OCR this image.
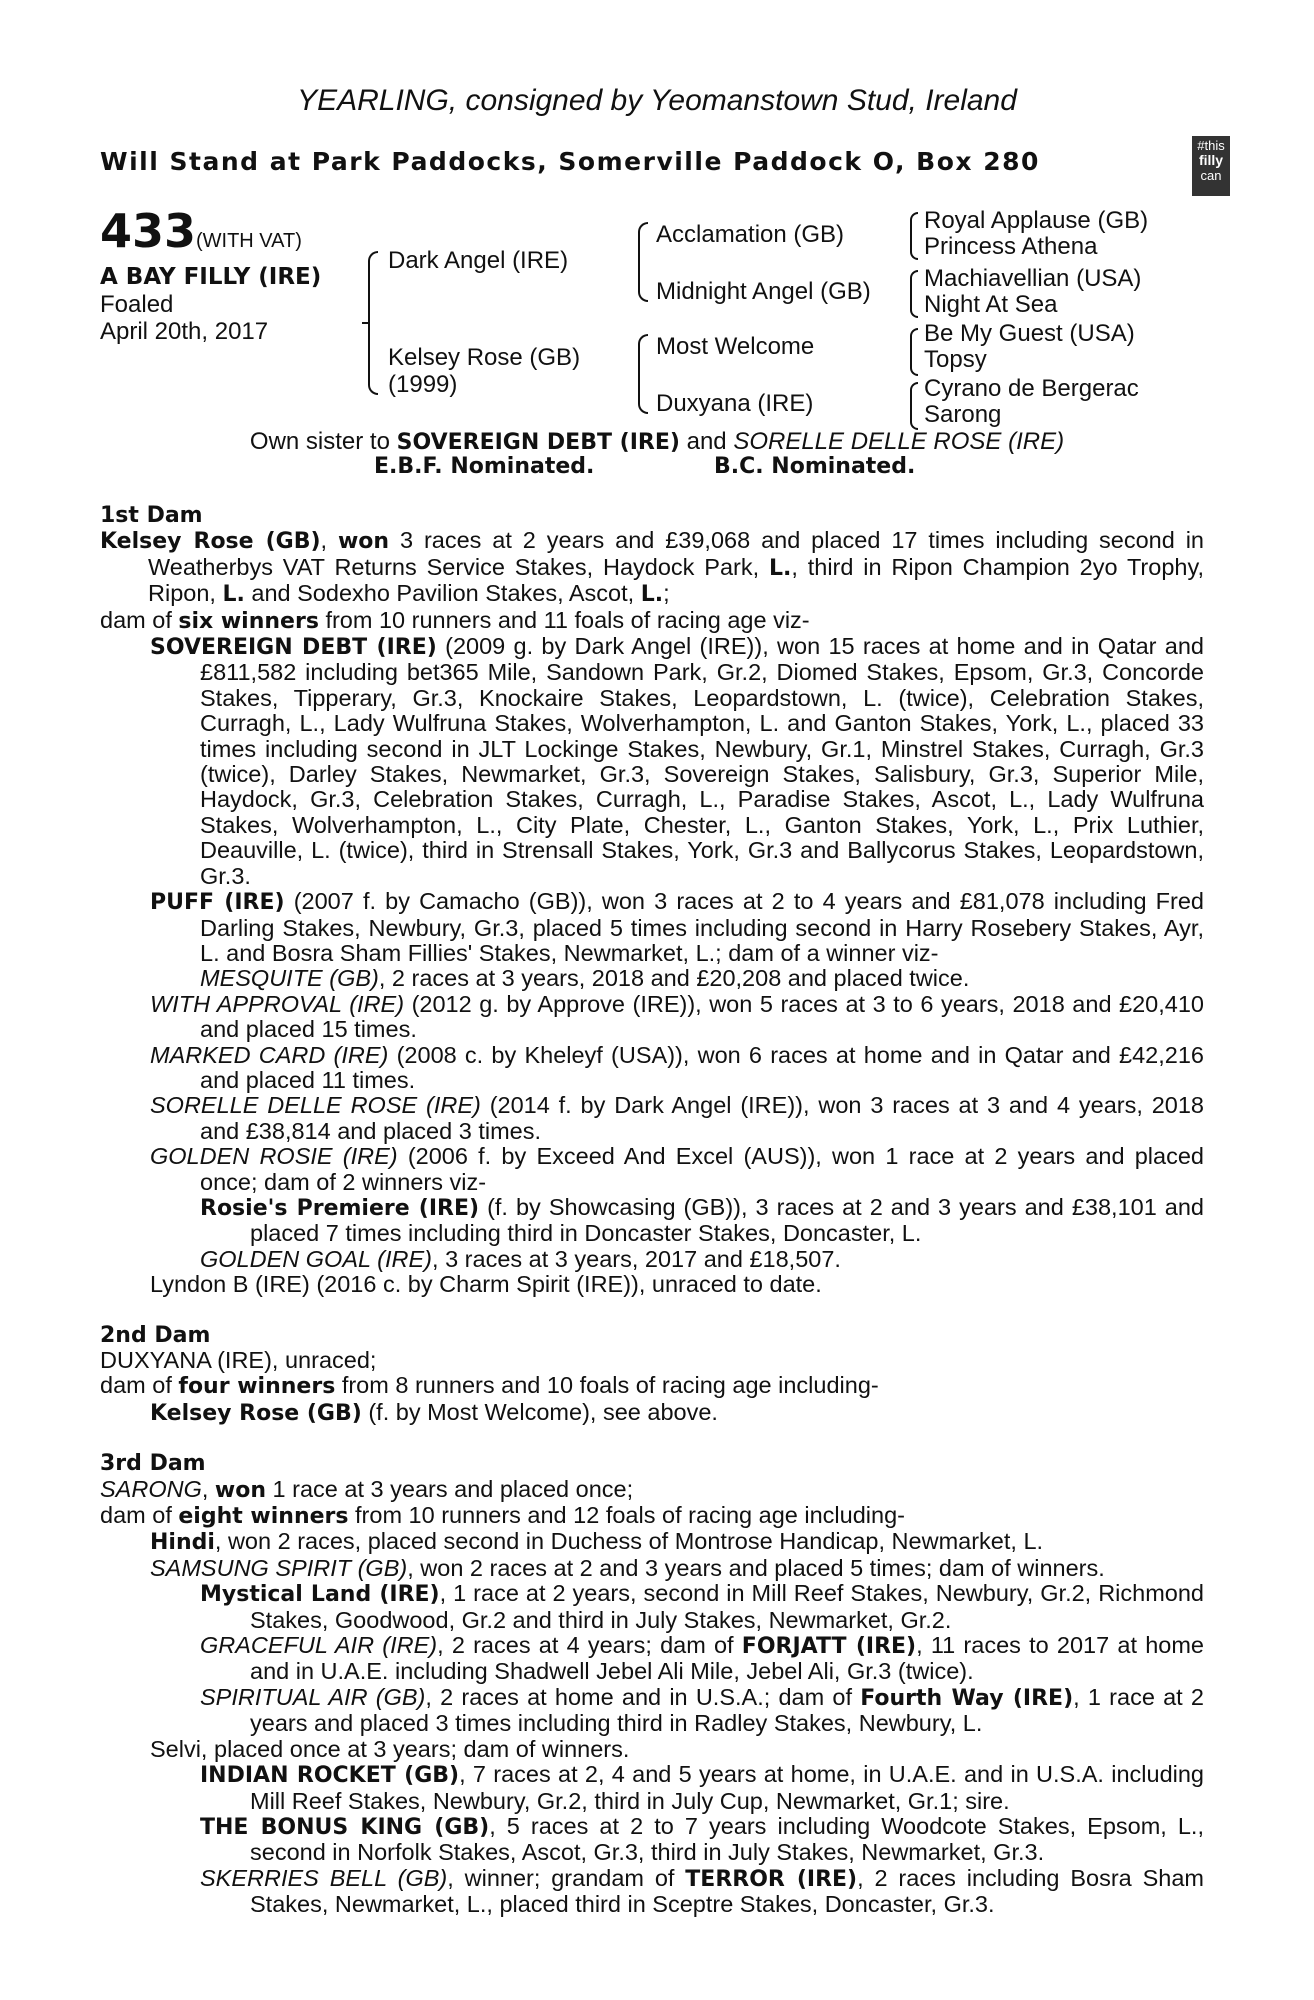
YEARLING, consigned by Yeomanstown Stud, Ireland
Will Stand at Park Paddocks, Somerville Paddock O, Box 280
#this
filly
can
433 (WITH VAT)
A BAY FILLY (IRE)
Foaled
April 20th, 2017
Dark Angel (IRE)
Kelsey Rose (GB)
(1999)
Acclamation (GB)
Midnight Angel (GB)
Most Welcome
Duxyana (IRE)
Royal Applause (GB)
Princess Athena
Machiavellian (USA)
Night At Sea
Be My Guest (USA)
Topsy
Cyrano de Bergerac
Sarong
Own sister to SOVEREIGN DEBT (IRE) and SORELLE DELLE ROSE (IRE)
E.B.F. Nominated.	B.C. Nominated.

1st Dam

Kelsey Rose (GB), won 3 races at 2 years and £39,068 and placed 17 times including second in Weatherbys VAT Returns Service Stakes, Haydock Park, L., third in Ripon Champion 2yo Trophy, Ripon, L. and Sodexho Pavilion Stakes, Ascot, L.;

dam of six winners from 10 runners and 11 foals of racing age viz-

SOVEREIGN DEBT (IRE) (2009 g. by Dark Angel (IRE)), won 15 races at home and in Qatar and £811,582 including bet365 Mile, Sandown Park, Gr.2, Diomed Stakes, Epsom, Gr.3, Concorde Stakes, Tipperary, Gr.3, Knockaire Stakes, Leopardstown, L. (twice), Celebration Stakes, Curragh, L., Lady Wulfruna Stakes, Wolverhampton, L. and Ganton Stakes, York, L., placed 33 times including second in JLT Lockinge Stakes, Newbury, Gr.1, Minstrel Stakes, Curragh, Gr.3 (twice), Darley Stakes, Newmarket, Gr.3, Sovereign Stakes, Salisbury, Gr.3, Superior Mile, Haydock, Gr.3, Celebration Stakes, Curragh, L., Paradise Stakes, Ascot, L., Lady Wulfruna Stakes, Wolverhampton, L., City Plate, Chester, L., Ganton Stakes, York, L., Prix Luthier, Deauville, L. (twice), third in Strensall Stakes, York, Gr.3 and Ballycorus Stakes, Leopardstown, Gr.3.

PUFF (IRE) (2007 f. by Camacho (GB)), won 3 races at 2 to 4 years and £81,078 including Fred Darling Stakes, Newbury, Gr.3, placed 5 times including second in Harry Rosebery Stakes, Ayr, L. and Bosra Sham Fillies' Stakes, Newmarket, L.; dam of a winner viz-

MESQUITE (GB), 2 races at 3 years, 2018 and £20,208 and placed twice.

WITH APPROVAL (IRE) (2012 g. by Approve (IRE)), won 5 races at 3 to 6 years, 2018 and £20,410 and placed 15 times.

MARKED CARD (IRE) (2008 c. by Kheleyf (USA)), won 6 races at home and in Qatar and £42,216 and placed 11 times.

SORELLE DELLE ROSE (IRE) (2014 f. by Dark Angel (IRE)), won 3 races at 3 and 4 years, 2018 and £38,814 and placed 3 times.

GOLDEN ROSIE (IRE) (2006 f. by Exceed And Excel (AUS)), won 1 race at 2 years and placed once; dam of 2 winners viz-

Rosie's Premiere (IRE) (f. by Showcasing (GB)), 3 races at 2 and 3 years and £38,101 and placed 7 times including third in Doncaster Stakes, Doncaster, L.

GOLDEN GOAL (IRE), 3 races at 3 years, 2017 and £18,507.

Lyndon B (IRE) (2016 c. by Charm Spirit (IRE)), unraced to date.

2nd Dam

DUXYANA (IRE), unraced;

dam of four winners from 8 runners and 10 foals of racing age including-

Kelsey Rose (GB) (f. by Most Welcome), see above.

3rd Dam

SARONG, won 1 race at 3 years and placed once;

dam of eight winners from 10 runners and 12 foals of racing age including-

Hindi, won 2 races, placed second in Duchess of Montrose Handicap, Newmarket, L.

SAMSUNG SPIRIT (GB), won 2 races at 2 and 3 years and placed 5 times; dam of winners.

Mystical Land (IRE), 1 race at 2 years, second in Mill Reef Stakes, Newbury, Gr.2, Richmond Stakes, Goodwood, Gr.2 and third in July Stakes, Newmarket, Gr.2.

GRACEFUL AIR (IRE), 2 races at 4 years; dam of FORJATT (IRE), 11 races to 2017 at home and in U.A.E. including Shadwell Jebel Ali Mile, Jebel Ali, Gr.3 (twice).

SPIRITUAL AIR (GB), 2 races at home and in U.S.A.; dam of Fourth Way (IRE), 1 race at 2 years and placed 3 times including third in Radley Stakes, Newbury, L.

Selvi, placed once at 3 years; dam of winners.

INDIAN ROCKET (GB), 7 races at 2, 4 and 5 years at home, in U.A.E. and in U.S.A. including Mill Reef Stakes, Newbury, Gr.2, third in July Cup, Newmarket, Gr.1; sire.

THE BONUS KING (GB), 5 races at 2 to 7 years including Woodcote Stakes, Epsom, L., second in Norfolk Stakes, Ascot, Gr.3, third in July Stakes, Newmarket, Gr.3.

SKERRIES BELL (GB), winner; grandam of TERROR (IRE), 2 races including Bosra Sham Stakes, Newmarket, L., placed third in Sceptre Stakes, Doncaster, Gr.3.
